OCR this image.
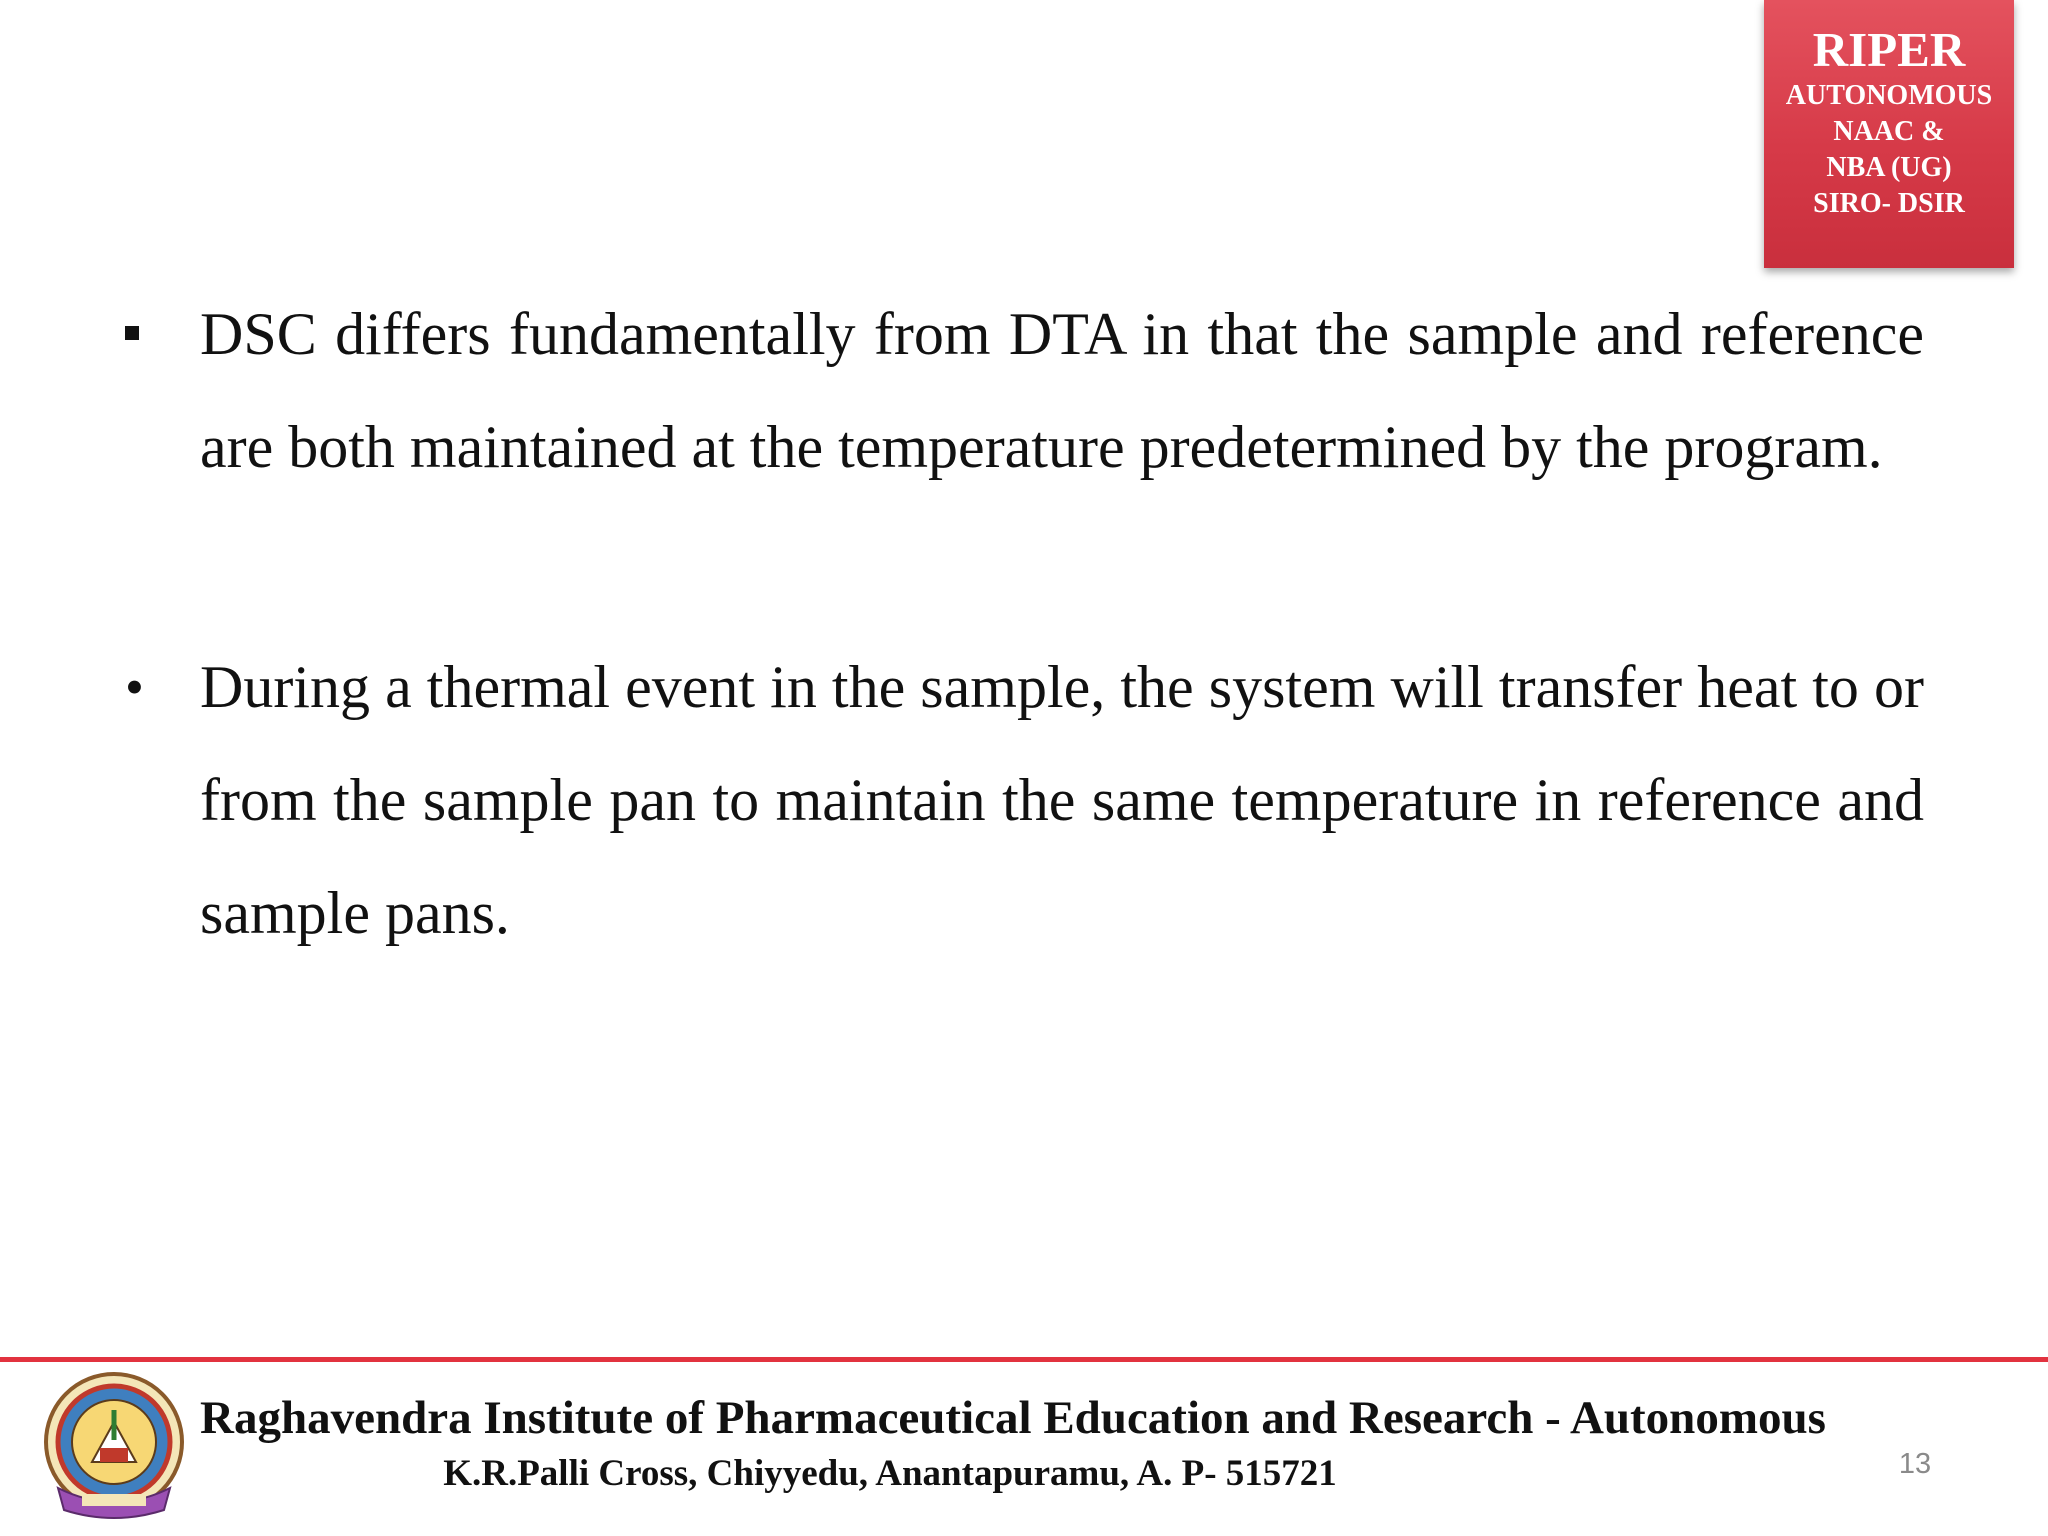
RIPER
AUTONOMOUS
NAAC &
NBA (UG)
SIRO- DSIR
DSC differs fundamentally from DTA in that the sample and reference are both maintained at the temperature predetermined by the program.
• During a thermal event in the sample, the system will transfer heat to or from the sample pan to maintain the same temperature in reference and sample pans.
Raghavendra Institute of Pharmaceutical Education and Research - Autonomous
K.R.Palli Cross, Chiyyedu, Anantapuramu, A. P- 515721	13
